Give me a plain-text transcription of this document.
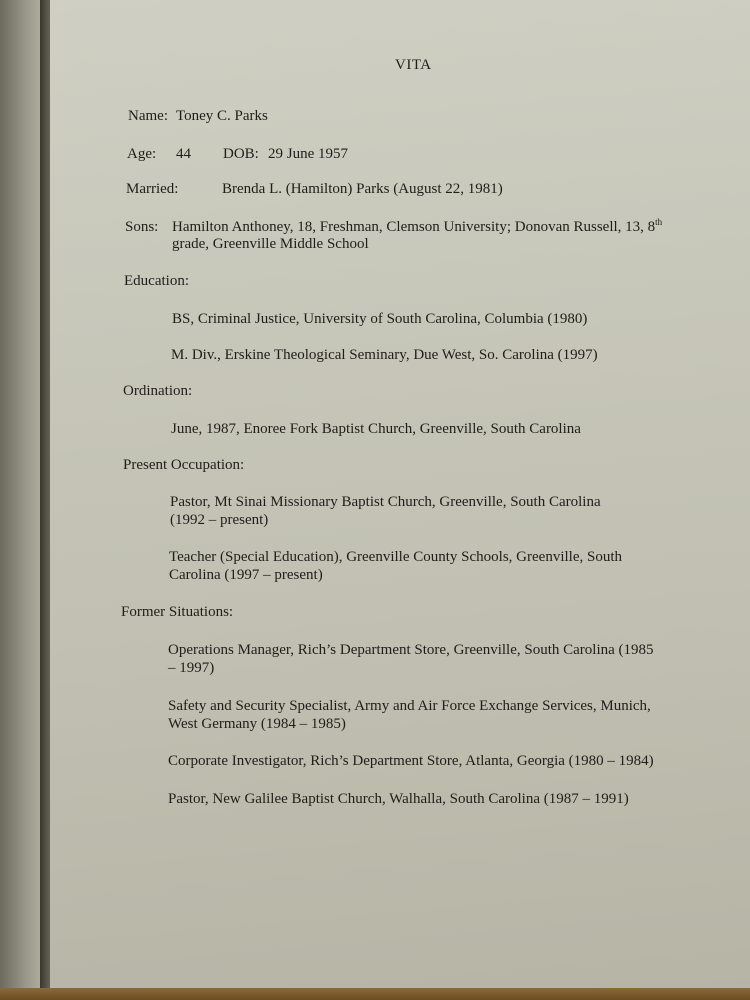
VITA
Name: Toney C. Parks
Age: 44 DOB: 29 June 1957
Married:	Brenda L. (Hamilton) Parks (August 22, 1981)
Sons: Hamilton Anthoney, 18, Freshman, Clemson University; Donovan Russell, 13, 8th
grade, Greenville Middle School
Education:
BS, Criminal Justice, University of South Carolina, Columbia (1980)
M. Div., Erskine Theological Seminary, Due West, So. Carolina (1997)
Ordination:
June, 1987, Enoree Fork Baptist Church, Greenville, South Carolina
Present Occupation:
Pastor, Mt Sinai Missionary Baptist Church, Greenville, South Carolina
(1992 – present)
Teacher (Special Education), Greenville County Schools, Greenville, South
Carolina (1997 – present)
Former Situations:
Operations Manager, Rich’s Department Store, Greenville, South Carolina (1985
– 1997)
Safety and Security Specialist, Army and Air Force Exchange Services, Munich,
West Germany (1984 – 1985)
Corporate Investigator, Rich’s Department Store, Atlanta, Georgia (1980 – 1984)
Pastor, New Galilee Baptist Church, Walhalla, South Carolina (1987 – 1991)
